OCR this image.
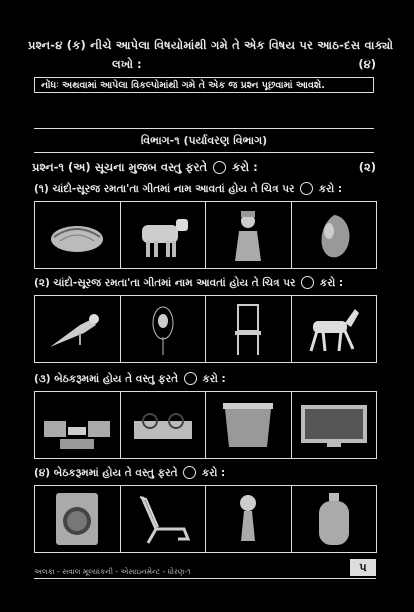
પ્રશ્ન-૪ (ક) નીચે આપેલા વિષયોમાંથી ગમે તે એક વિષય પર આઠ-દસ વાક્યો
લખો :	(૪)
નોંધઃ અથવામાં આપેલા વિકલ્પોમાંથી ગમે તે એક જ પ્રશ્ન પૂછવામાં આવશે.
વિભાગ-૧ (પર્યાવરણ વિભાગ)
પ્રશ્ન-૧ (અ) સૂચના મુજબ વસ્તુ ફરતે કરો :	(૨)
(૧) ચાંદો-સૂરજ રમતા'તા ગીતમાં નામ આવતાં હોય તે ચિત્ર પર કરો :
(૨) ચાંદો-સૂરજ રમતા'તા ગીતમાં નામ આવતાં હોય તે ચિત્ર પર કરો :
(૩) બેઠકરૂમમાં હોય તે વસ્તુ ફરતે કરો :
(૪) બેઠકરૂમમાં હોય તે વસ્તુ ફરતે કરો :
અલકા - સવાલ મૂલ્યાંકની - એસાઇનમેન્ટ - ધોરણ-૧	૫
